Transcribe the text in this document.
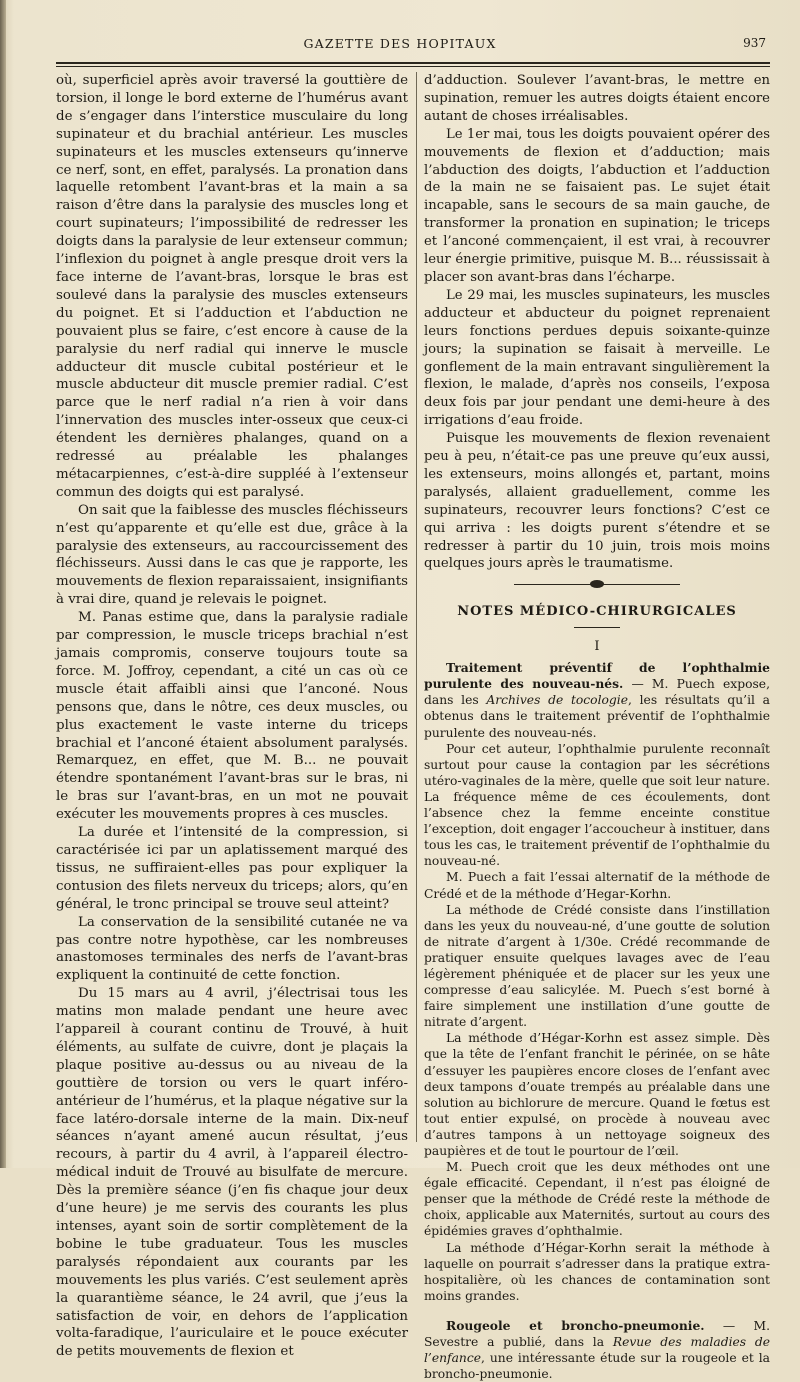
GAZETTE DES HOPITAUX	937

où, superficiel après avoir traversé la gouttière de torsion, il longe le bord externe de l’humérus avant de s’engager dans l’interstice musculaire du long supinateur et du brachial antérieur. Les muscles supinateurs et les muscles extenseurs qu’innerve ce nerf, sont, en effet, paralysés. La pronation dans laquelle retombent l’avant-bras et la main a sa raison d’être dans la paralysie des muscles long et court supinateurs; l’impossibilité de redresser les doigts dans la paralysie de leur extenseur commun; l’inflexion du poignet à angle presque droit vers la face interne de l’avant-bras, lorsque le bras est soulevé dans la paralysie des muscles extenseurs du poignet. Et si l’adduction et l’abduction ne pouvaient plus se faire, c’est encore à cause de la paralysie du nerf radial qui innerve le muscle adducteur dit muscle cubital postérieur et le muscle abducteur dit muscle premier radial. C’est parce que le nerf radial n’a rien à voir dans l’innervation des muscles inter-osseux que ceux-ci étendent les dernières phalanges, quand on a redressé au préalable les phalanges métacarpiennes, c’est-à-dire suppléé à l’extenseur commun des doigts qui est paralysé.

On sait que la faiblesse des muscles fléchisseurs n’est qu’apparente et qu’elle est due, grâce à la paralysie des extenseurs, au raccourcissement des fléchisseurs. Aussi dans le cas que je rapporte, les mouvements de flexion reparaissaient, insignifiants à vrai dire, quand je relevais le poignet.

M. Panas estime que, dans la paralysie radiale par compression, le muscle triceps brachial n’est jamais compromis, conserve toujours toute sa force. M. Joffroy, cependant, a cité un cas où ce muscle était affaibli ainsi que l’anconé. Nous pensons que, dans le nôtre, ces deux muscles, ou plus exactement le vaste interne du triceps brachial et l’anconé étaient absolument paralysés. Remarquez, en effet, que M. B... ne pouvait étendre spontanément l’avant-bras sur le bras, ni le bras sur l’avant-bras, en un mot ne pouvait exécuter les mouvements propres à ces muscles.

La durée et l’intensité de la compression, si caractérisée ici par un aplatissement marqué des tissus, ne suffiraient-elles pas pour expliquer la contusion des filets nerveux du triceps; alors, qu’en général, le tronc principal se trouve seul atteint?

La conservation de la sensibilité cutanée ne va pas contre notre hypothèse, car les nombreuses anastomoses terminales des nerfs de l’avant-bras expliquent la continuité de cette fonction.

Du 15 mars au 4 avril, j’électrisai tous les matins mon malade pendant une heure avec l’appareil à courant continu de Trouvé, à huit éléments, au sulfate de cuivre, dont je plaçais la plaque positive au-dessus ou au niveau de la gouttière de torsion ou vers le quart inféro-antérieur de l’humérus, et la plaque négative sur la face latéro-dorsale interne de la main. Dix-neuf séances n’ayant amené aucun résultat, j’eus recours, à partir du 4 avril, à l’appareil électro-médical induit de Trouvé au bisulfate de mercure. Dès la première séance (j’en fis chaque jour deux d’une heure) je me servis des courants les plus intenses, ayant soin de sortir complètement de la bobine le tube graduateur. Tous les muscles paralysés répondaient aux courants par les mouvements les plus variés. C’est seulement après la quarantième séance, le 24 avril, que j’eus la satisfaction de voir, en dehors de l’application volta-faradique, l’auriculaire et le pouce exécuter de petits mouvements de flexion et

d’adduction. Soulever l’avant-bras, le mettre en supination, remuer les autres doigts étaient encore autant de choses irréalisables.

Le 1er mai, tous les doigts pouvaient opérer des mouvements de flexion et d’adduction; mais l’abduction des doigts, l’abduction et l’adduction de la main ne se faisaient pas. Le sujet était incapable, sans le secours de sa main gauche, de transformer la pronation en supination; le triceps et l’anconé commençaient, il est vrai, à recouvrer leur énergie primitive, puisque M. B... réussissait à placer son avant-bras dans l’écharpe.

Le 29 mai, les muscles supinateurs, les muscles adducteur et abducteur du poignet reprenaient leurs fonctions perdues depuis soixante-quinze jours; la supination se faisait à merveille. Le gonflement de la main entravant singulièrement la flexion, le malade, d’après nos conseils, l’exposa deux fois par jour pendant une demi-heure à des irrigations d’eau froide.

Puisque les mouvements de flexion revenaient peu à peu, n’était-ce pas une preuve qu’eux aussi, les extenseurs, moins allongés et, partant, moins paralysés, allaient graduellement, comme les supinateurs, recouvrer leurs fonctions? C’est ce qui arriva : les doigts purent s’étendre et se redresser à partir du 10 juin, trois mois moins quelques jours après le traumatisme.

NOTES MÉDICO-CHIRURGICALES
I

Traitement préventif de l’ophthalmie purulente des nouveau-nés. — M. Puech expose, dans les Archives de tocologie, les résultats qu’il a obtenus dans le traitement préventif de l’ophthalmie purulente des nouveau-nés.

Pour cet auteur, l’ophthalmie purulente reconnaît surtout pour cause la contagion par les sécrétions utéro-vaginales de la mère, quelle que soit leur nature. La fréquence même de ces écoulements, dont l’absence chez la femme enceinte constitue l’exception, doit engager l’accoucheur à instituer, dans tous les cas, le traitement préventif de l’ophthalmie du nouveau-né.

M. Puech a fait l’essai alternatif de la méthode de Crédé et de la méthode d’Hegar-Korhn.

La méthode de Crédé consiste dans l’instillation dans les yeux du nouveau-né, d’une goutte de solution de nitrate d’argent à 1/30e. Crédé recommande de pratiquer ensuite quelques lavages avec de l’eau légèrement phéniquée et de placer sur les yeux une compresse d’eau salicylée. M. Puech s’est borné à faire simplement une instillation d’une goutte de nitrate d’argent.

La méthode d’Hégar-Korhn est assez simple. Dès que la tête de l’enfant franchit le périnée, on se hâte d’essuyer les paupières encore closes de l’enfant avec deux tampons d’ouate trempés au préalable dans une solution au bichlorure de mercure. Quand le fœtus est tout entier expulsé, on procède à nouveau avec d’autres tampons à un nettoyage soigneux des paupières et de tout le pourtour de l’œil.

M. Puech croit que les deux méthodes ont une égale efficacité. Cependant, il n’est pas éloigné de penser que la méthode de Crédé reste la méthode de choix, applicable aux Maternités, surtout au cours des épidémies graves d’ophthalmie.

La méthode d’Hégar-Korhn serait la méthode à laquelle on pourrait s’adresser dans la pratique extra-hospitalière, où les chances de contamination sont moins grandes.

Rougeole et broncho-pneumonie. — M. Sevestre a publié, dans la Revue des maladies de l’enfance, une intéressante étude sur la rougeole et la broncho-pneumonie.
